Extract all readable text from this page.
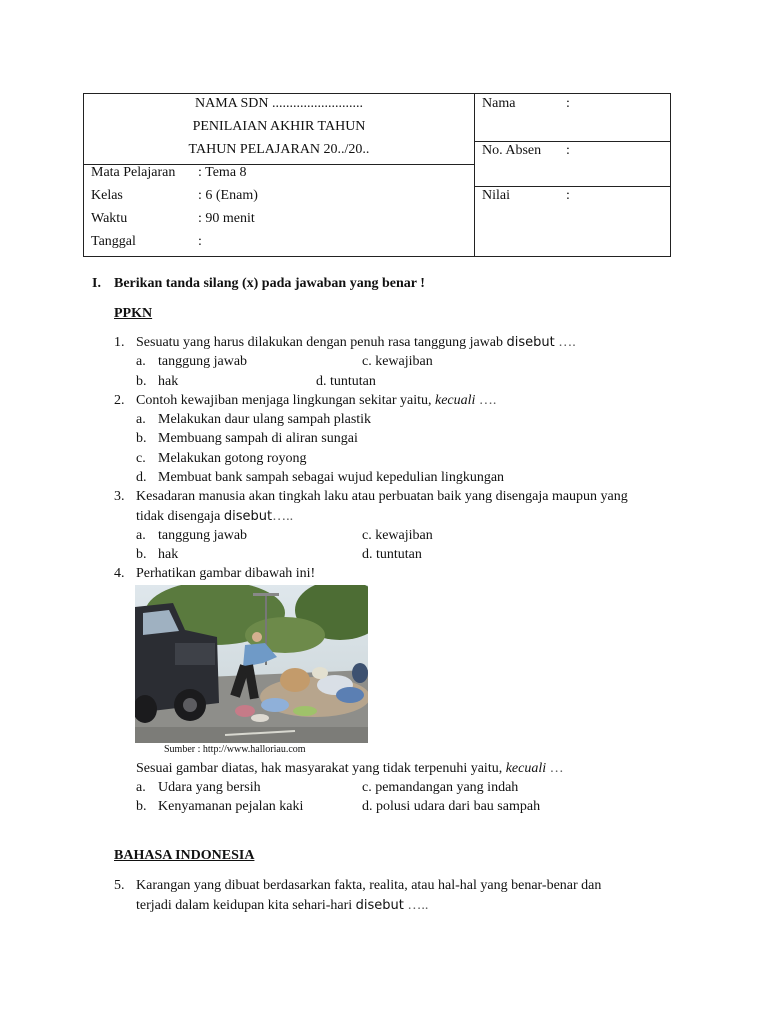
NAMA SDN ..........................
PENILAIAN AKHIR TAHUN
TAHUN PELAJARAN 20../20..
Mata Pelajaran : Tema 8
Kelas	: 6 (Enam)
Waktu	: 90 menit
Tanggal	:
Nama	:
No. Absen :
Nilai	:
I. Berikan tanda silang (x) pada jawaban yang benar !
PPKN
1. Sesuatu yang harus dilakukan dengan penuh rasa tanggung jawab disebut ….
a. tanggung jawab	c. kewajiban
b. hak	d. tuntutan
2. Contoh kewajiban menjaga lingkungan sekitar yaitu, kecuali ….
a. Melakukan daur ulang sampah plastik
b. Membuang sampah di aliran sungai
c. Melakukan gotong royong
d. Membuat bank sampah sebagai wujud kepedulian lingkungan
3. Kesadaran manusia akan tingkah laku atau perbuatan baik yang disengaja maupun yang
tidak disengaja disebut…..
a. tanggung jawab	c. kewajiban
b. hak	d. tuntutan
4. Perhatikan gambar dibawah ini!
Sumber : http://www.halloriau.com
Sesuai gambar diatas, hak masyarakat yang tidak terpenuhi yaitu, kecuali …
a. Udara yang bersih	c. pemandangan yang indah
b. Kenyamanan pejalan kaki	d. polusi udara dari bau sampah
BAHASA INDONESIA
5. Karangan yang dibuat berdasarkan fakta, realita, atau hal-hal yang benar-benar dan
terjadi dalam keidupan kita sehari-hari disebut …..
